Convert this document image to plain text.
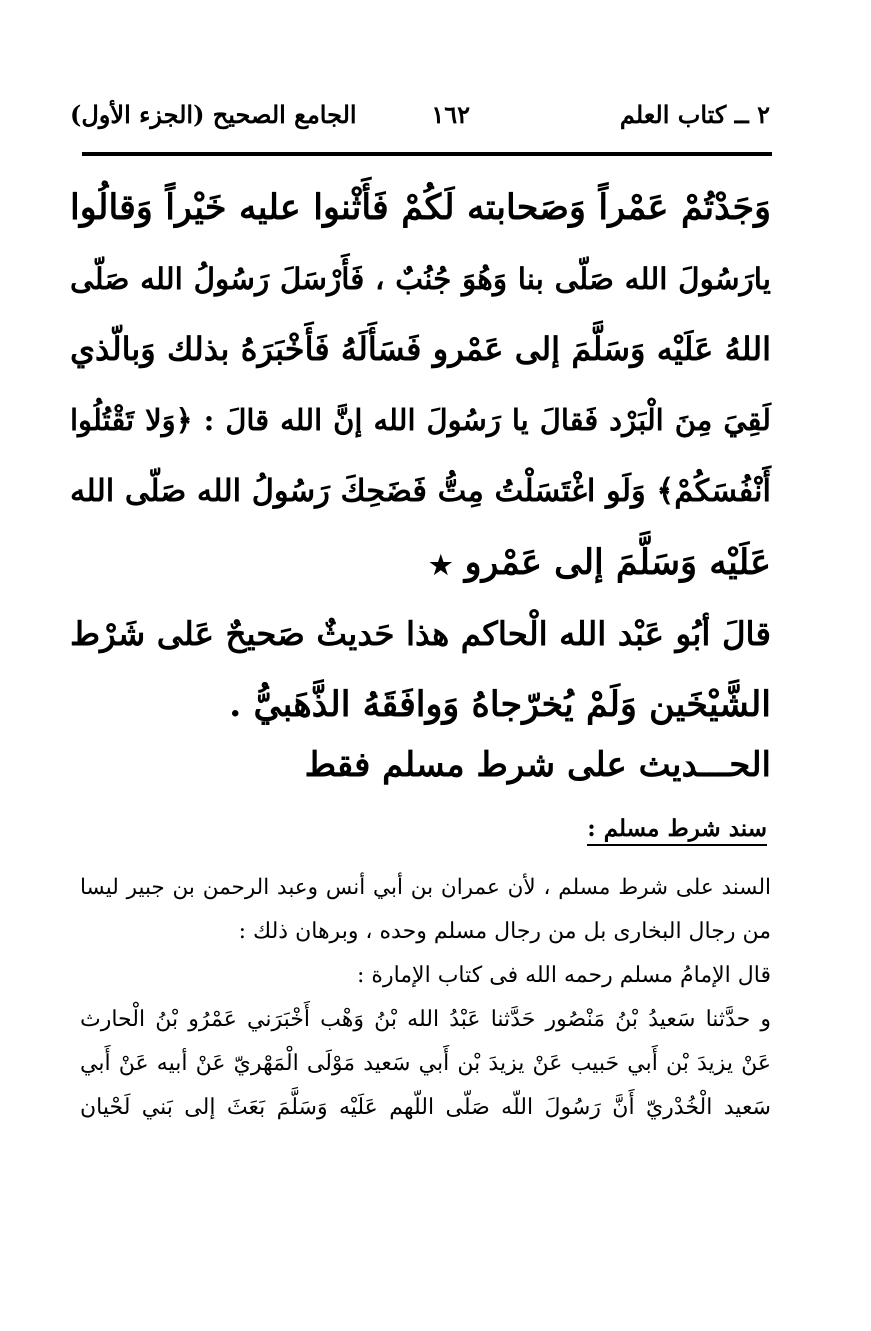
٢ ــ كتاب العلم
١٦٢
الجامع الصحيح (الجزء الأول)
وَجَدْتُمْ عَمْراً وَصَحابته لَكُمْ فَأَثْنوا عليه خَيْراً وَقالُوا
يارَسُولَ الله صَلّى بنا وَهُوَ جُنُبٌ ، فَأَرْسَلَ رَسُولُ الله صَلّى
اللهُ عَلَيْه وَسَلَّمَ إلى عَمْرو فَسَأَلَهُ فَأَخْبَرَهُ بذلك وَبالّذي
لَقِيَ مِنَ الْبَرْد فَقالَ يا رَسُولَ الله إنَّ الله قالَ : ﴿وَلا تَقْتُلُوا
أَنْفُسَكُمْ﴾ وَلَو اغْتَسَلْتُ مِتُّ فَضَحِكَ رَسُولُ الله صَلّى الله
عَلَيْه وَسَلَّمَ إلى عَمْرو ★
قالَ أبُو عَبْد الله الْحاكم هذا حَديثٌ صَحيحٌ عَلى شَرْط
الشَّيْخَين وَلَمْ يُخرّجاهُ وَوافَقَهُ الذَّهَبيُّ .
الحـــديث على شرط مسلم فقط
سند شرط مسلم :
السند على شرط مسلم ، لأن عمران بن أبي أنس وعبد الرحمن بن جبير ليسا
من رجال البخارى بل من رجال مسلم وحده ، وبرهان ذلك :
قال الإمامُ مسلم رحمه الله فى كتاب الإمارة :
و حدَّثنا سَعيدُ بْنُ مَنْصُور حَدَّثنا عَبْدُ الله بْنُ وَهْب أَخْبَرَني عَمْرُو بْنُ الْحارث
عَنْ يزيدَ بْن أَبي حَبيب عَنْ يزيدَ بْن أَبي سَعيد مَوْلَى الْمَهْريّ عَنْ أبيه عَنْ أَبي
سَعيد الْخُدْريّ أَنَّ رَسُولَ اللّه صَلّى اللّهم عَلَيْه وَسَلَّمَ بَعَثَ إلى بَني لَحْيان
